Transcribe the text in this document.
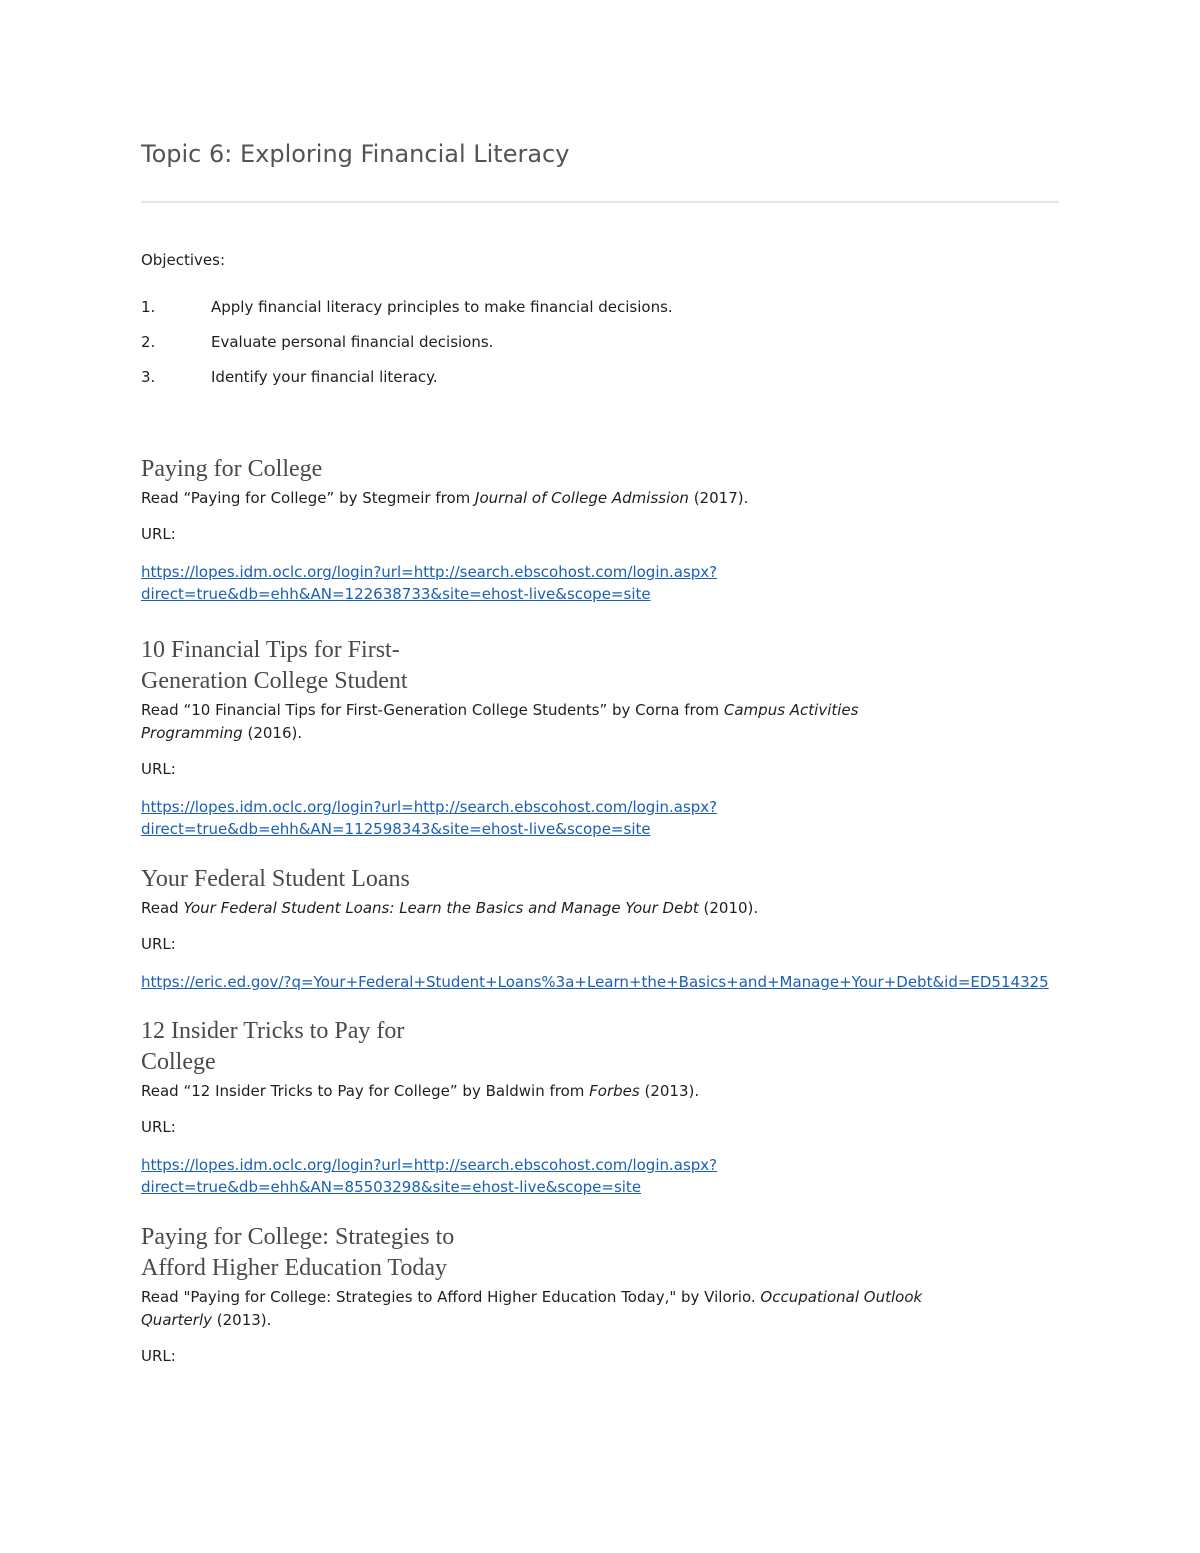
Topic 6: Exploring Financial Literacy

Objectives:

1.	Apply financial literacy principles to make financial decisions.
2.	Evaluate personal financial decisions.
3.	Identify your financial literacy.
Paying for College

Read “Paying for College” by Stegmeir from Journal of College Admission (2017).

URL:

https://lopes.idm.oclc.org/login?url=http://search.ebscohost.com/login.aspx?
direct=true&db=ehh&AN=122638733&site=ehost-live&scope=site
10 Financial Tips for First-
Generation College Student

Read “10 Financial Tips for First-Generation College Students” by Corna from Campus Activities Programming (2016).

URL:

https://lopes.idm.oclc.org/login?url=http://search.ebscohost.com/login.aspx?
direct=true&db=ehh&AN=112598343&site=ehost-live&scope=site
Your Federal Student Loans

Read Your Federal Student Loans: Learn the Basics and Manage Your Debt (2010).

URL:

https://eric.ed.gov/?q=Your+Federal+Student+Loans%3a+Learn+the+Basics+and+Manage+Your+Debt&id=ED514325
12 Insider Tricks to Pay for
College

Read “12 Insider Tricks to Pay for College” by Baldwin from Forbes (2013).

URL:

https://lopes.idm.oclc.org/login?url=http://search.ebscohost.com/login.aspx?
direct=true&db=ehh&AN=85503298&site=ehost-live&scope=site
Paying for College: Strategies to
Afford Higher Education Today

Read "Paying for College: Strategies to Afford Higher Education Today," by Vilorio. Occupational Outlook Quarterly (2013).

URL:
